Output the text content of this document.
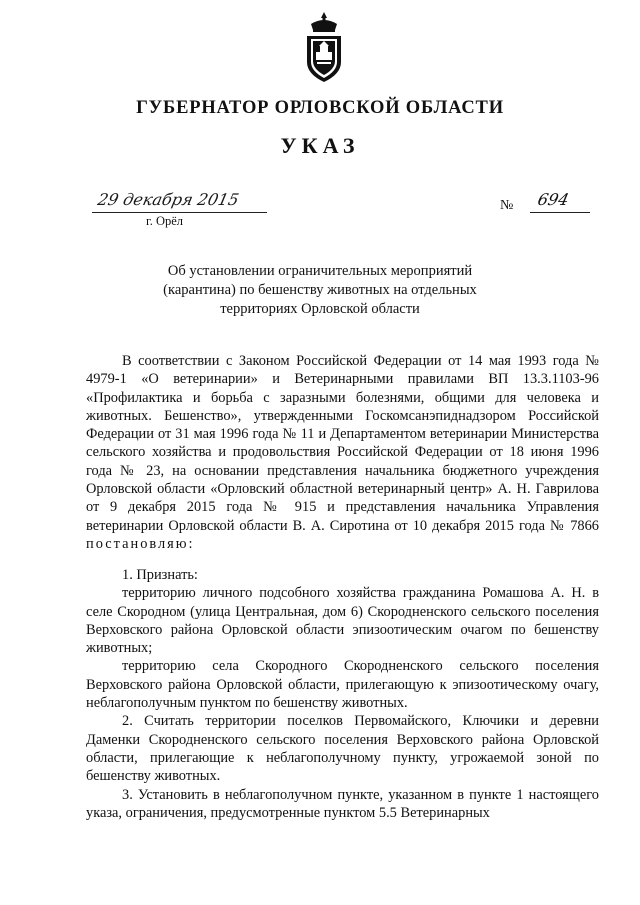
ГУБЕРНАТОР ОРЛОВСКОЙ ОБЛАСТИ
УКАЗ
29 декабря 2015
г. Орёл
№ 694
Об установлении ограничительных мероприятий
(карантина) по бешенству животных на отдельных
территориях Орловской области

В соответствии с Законом Российской Федерации от 14 мая 1993 года № 4979-1 «О ветеринарии» и Ветеринарными правилами ВП 13.3.1103-96 «Профилактика и борьба с заразными болезнями, общими для человека и животных. Бешенство», утвержденными Госкомсанэпиднадзором Российской Федерации от 31 мая 1996 года № 11 и Департаментом ветеринарии Министерства сельского хозяйства и продовольствия Российской Федерации от 18 июня 1996 года № 23, на основании представления начальника бюджетного учреждения Орловской области «Орловский областной ветеринарный центр» А. Н. Гаврилова от 9 декабря 2015 года № 915 и представления начальника Управления ветеринарии Орловской области В. А. Сиротина от 10 декабря 2015 года № 7866 постановляю:

1. Признать:

территорию личного подсобного хозяйства гражданина Ромашова А. Н. в селе Скородном (улица Центральная, дом 6) Скородненского сельского поселения Верховского района Орловской области эпизоотическим очагом по бешенству животных;

территорию села Скородного Скородненского сельского поселения Верховского района Орловской области, прилегающую к эпизоотическому очагу, неблагополучным пунктом по бешенству животных.

2. Считать территории поселков Первомайского, Ключики и деревни Даменки Скородненского сельского поселения Верховского района Орловской области, прилегающие к неблагополучному пункту, угрожаемой зоной по бешенству животных.

3. Установить в неблагополучном пункте, указанном в пункте 1 настоящего указа, ограничения, предусмотренные пунктом 5.5 Ветеринарных
